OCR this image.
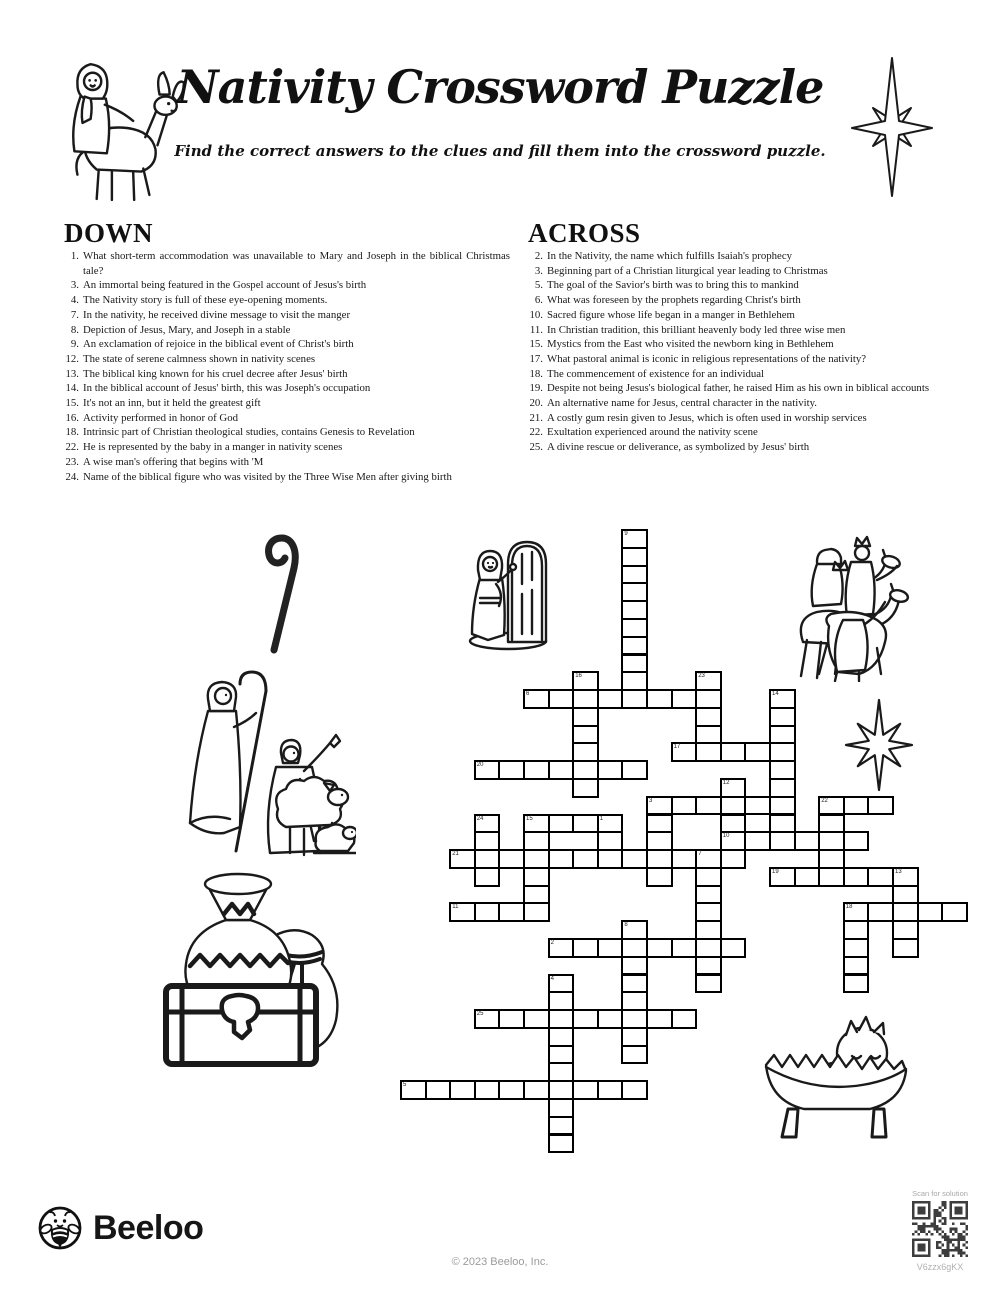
Nativity Crossword Puzzle
Find the correct answers to the clues and fill them into the crossword puzzle.
DOWN
1. What short-term accommodation was unavailable to Mary and Joseph in the biblical Christmas tale?
3. An immortal being featured in the Gospel account of Jesus's birth
4. The Nativity story is full of these eye-opening moments.
7. In the nativity, he received divine message to visit the manger
8. Depiction of Jesus, Mary, and Joseph in a stable
9. An exclamation of rejoice in the biblical event of Christ's birth
12. The state of serene calmness shown in nativity scenes
13. The biblical king known for his cruel decree after Jesus' birth
14. In the biblical account of Jesus' birth, this was Joseph's occupation
15. It's not an inn, but it held the greatest gift
16. Activity performed in honor of God
18. Intrinsic part of Christian theological studies, contains Genesis to Revelation
22. He is represented by the baby in a manger in nativity scenes
23. A wise man's offering that begins with 'M
24. Name of the biblical figure who was visited by the Three Wise Men after giving birth
ACROSS
2. In the Nativity, the name which fulfills Isaiah's prophecy
3. Beginning part of a Christian liturgical year leading to Christmas
5. The goal of the Savior's birth was to bring this to mankind
6. What was foreseen by the prophets regarding Christ's birth
10. Sacred figure whose life began in a manger in Bethlehem
11. In Christian tradition, this brilliant heavenly body led three wise men
15. Mystics from the East who visited the newborn king in Bethlehem
17. What pastoral animal is iconic in religious representations of the nativity?
18. The commencement of existence for an individual
19. Despite not being Jesus's biological father, he raised Him as his own in biblical accounts
20. An alternative name for Jesus, central character in the nativity.
21. A costly gum resin given to Jesus, which is often used in worship services
22. Exultation experienced around the nativity scene
25. A divine rescue or deliverance, as symbolized by Jesus' birth
9
16	23
6	14
17
20
12
10
3	22
24	15	1
21	7
19	13
11	18
8
2
4
25
5
Beeloo
© 2023 Beeloo, Inc.
Scan for solution
V6zzx6gKX
